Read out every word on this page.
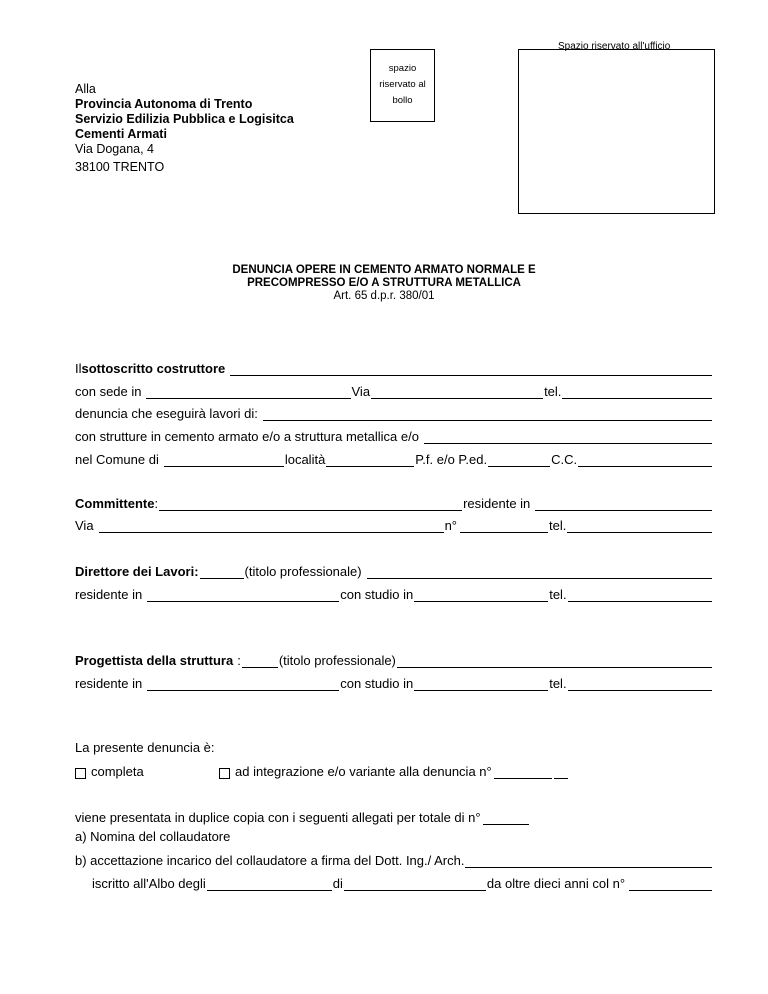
Spazio riservato all'ufficio
spazio
riservato al
bollo
Alla
Provincia Autonoma di Trento
Servizio Edilizia Pubblica e Logisitca
Cementi Armati
Via Dogana, 4
38100 TRENTO
DENUNCIA OPERE IN CEMENTO ARMATO NORMALE E
PRECOMPRESSO E/O A STRUTTURA METALLICA
Art. 65 d.p.r. 380/01
Il sottoscritto costruttore
con sede in	Via	tel.
denuncia che eseguirà lavori di:
con strutture in cemento armato e/o a struttura metallica e/o
nel Comune di	località	P.f. e/o P.ed.	C.C.
Committente :	residente in
Via	n°	tel.
Direttore dei Lavori:	(titolo professionale)
residente in	con studio in	tel.
Progettista della struttura :	(titolo professionale)
residente in	con studio in	tel.
La presente denuncia è:
completa	ad integrazione e/o variante alla denuncia n°
viene presentata in duplice copia con i seguenti allegati per totale di n°
a) Nomina del collaudatore
b) accettazione incarico del collaudatore a firma del Dott. Ing./ Arch.
iscritto all'Albo degli	di	da oltre dieci anni col n°
